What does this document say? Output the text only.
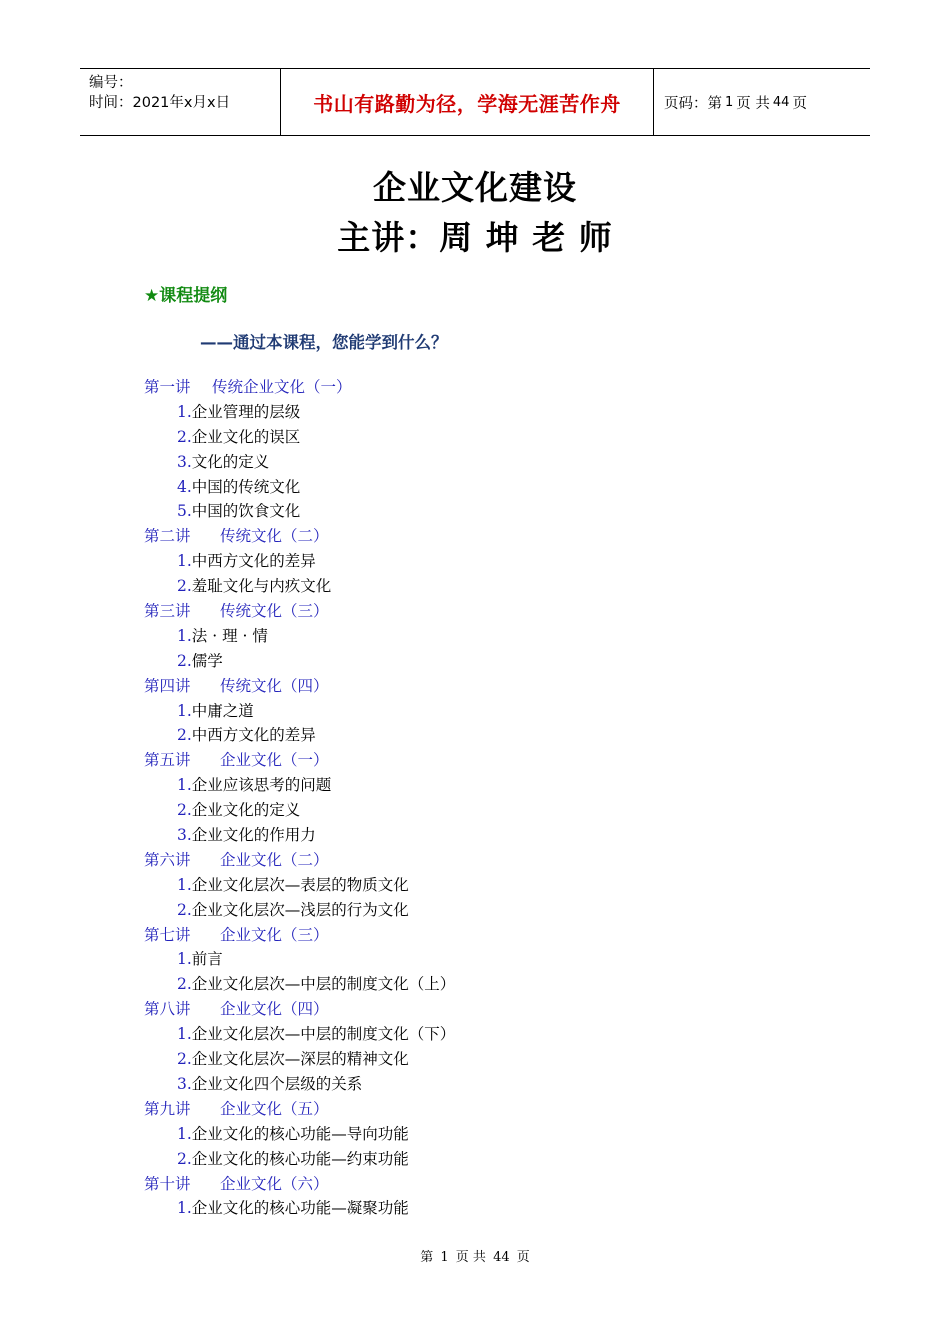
编号：
时间：2021年x月x日	书山有路勤为径，学海无涯苦作舟	页码：第 1 页 共 44 页
企业文化建设
主讲：周 坤 老 师
★课程提纲
——通过本课程，您能学到什么？
第一讲 传统企业文化（一）
1.企业管理的层级
2.企业文化的误区
3.文化的定义
4.中国的传统文化
5.中国的饮食文化
第二讲 传统文化（二）
1.中西方文化的差异
2.羞耻文化与内疚文化
第三讲 传统文化（三）
1.法 · 理 · 情
2.儒学
第四讲 传统文化（四）
1.中庸之道
2.中西方文化的差异
第五讲 企业文化（一）
1.企业应该思考的问题
2.企业文化的定义
3.企业文化的作用力
第六讲 企业文化（二）
1.企业文化层次—表层的物质文化
2.企业文化层次—浅层的行为文化
第七讲 企业文化（三）
1.前言
2.企业文化层次—中层的制度文化（上）
第八讲 企业文化（四）
1.企业文化层次—中层的制度文化（下）
2.企业文化层次—深层的精神文化
3.企业文化四个层级的关系
第九讲 企业文化（五）
1.企业文化的核心功能—导向功能
2.企业文化的核心功能—约束功能
第十讲 企业文化（六）
1.企业文化的核心功能—凝聚功能
第 1 页 共 44 页
